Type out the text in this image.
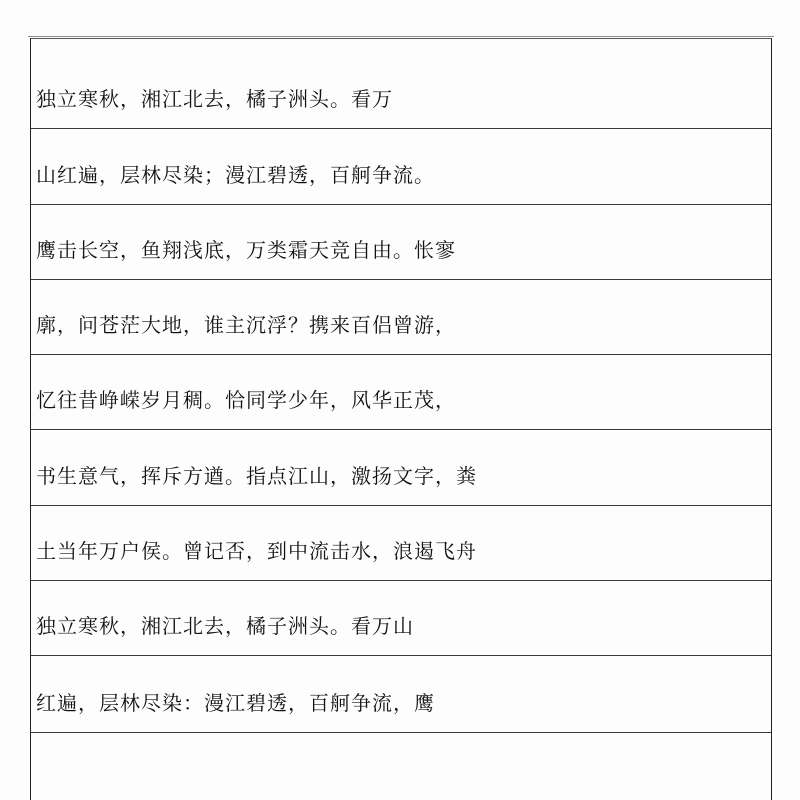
独立寒秋，湘江北去，橘子洲头。看万
山红遍，层林尽染；漫江碧透，百舸争流。
鹰击长空，鱼翔浅底，万类霜天竞自由。怅寥
廓，问苍茫大地，谁主沉浮？携来百侣曾游，
忆往昔峥嵘岁月稠。恰同学少年，风华正茂，
书生意气，挥斥方遒。指点江山，激扬文字，粪
土当年万户侯。曾记否，到中流击水，浪遏飞舟
独立寒秋，湘江北去，橘子洲头。看万山
红遍，层林尽染：漫江碧透，百舸争流，鹰
